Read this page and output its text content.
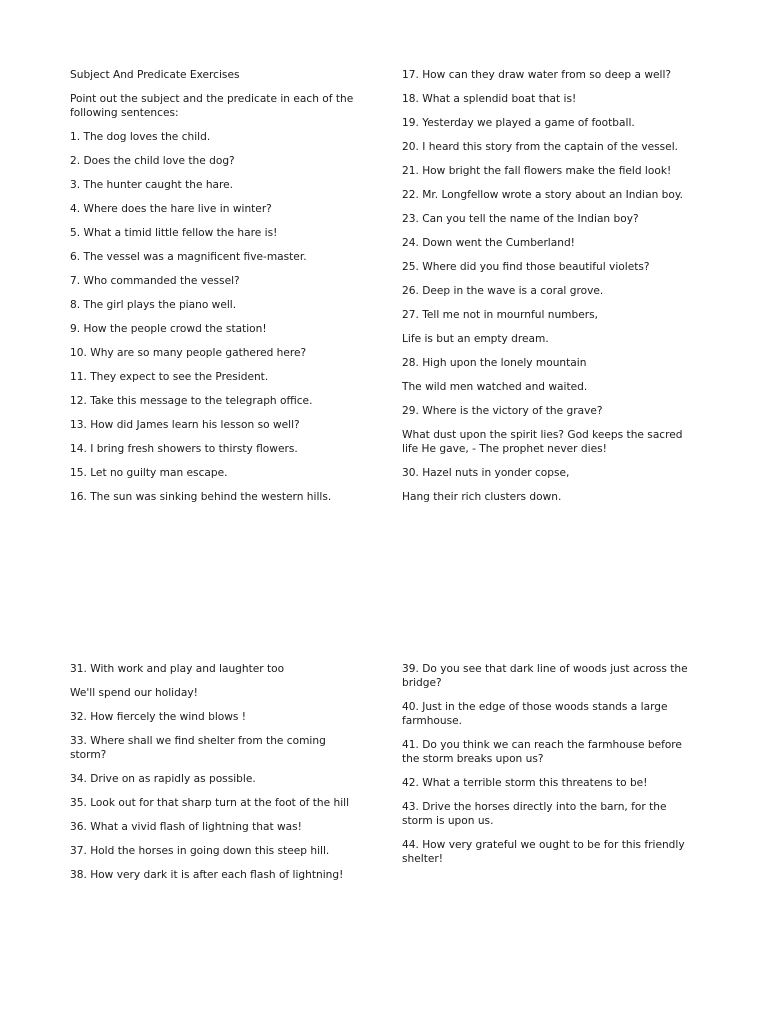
Subject And Predicate Exercises

Point out the subject and the predicate in each of the following sentences:

1. The dog loves the child.

2. Does the child love the dog?

3. The hunter caught the hare.

4. Where does the hare live in winter?

5. What a timid little fellow the hare is!

6. The vessel was a magnificent five-master.

7. Who commanded the vessel?

8. The girl plays the piano well.

9. How the people crowd the station!

10. Why are so many people gathered here?

11. They expect to see the President.

12. Take this message to the telegraph office.

13. How did James learn his lesson so well?

14. I bring fresh showers to thirsty flowers.

15. Let no guilty man escape.

16. The sun was sinking behind the western hills.

17. How can they draw water from so deep a well?

18. What a splendid boat that is!

19. Yesterday we played a game of football.

20. I heard this story from the captain of the vessel.

21. How bright the fall flowers make the field look!

22. Mr. Longfellow wrote a story about an Indian boy.

23. Can you tell the name of the Indian boy?

24. Down went the Cumberland!

25. Where did you find those beautiful violets?

26. Deep in the wave is a coral grove.

27. Tell me not in mournful numbers,

Life is but an empty dream.

28. High upon the lonely mountain

The wild men watched and waited.

29. Where is the victory of the grave?

What dust upon the spirit lies? God keeps the sacred life He gave, - The prophet never dies!

30. Hazel nuts in yonder copse,

Hang their rich clusters down.

31. With work and play and laughter too

We'll spend our holiday!

32. How fiercely the wind blows !

33. Where shall we find shelter from the coming storm?

34. Drive on as rapidly as possible.

35. Look out for that sharp turn at the foot of the hill

36. What a vivid flash of lightning that was!

37. Hold the horses in going down this steep hill.

38. How very dark it is after each flash of lightning!

39. Do you see that dark line of woods just across the bridge?

40. Just in the edge of those woods stands a large farmhouse.

41. Do you think we can reach the farmhouse before the storm breaks upon us?

42. What a terrible storm this threatens to be!

43. Drive the horses directly into the barn, for the storm is upon us.

44. How very grateful we ought to be for this friendly shelter!
